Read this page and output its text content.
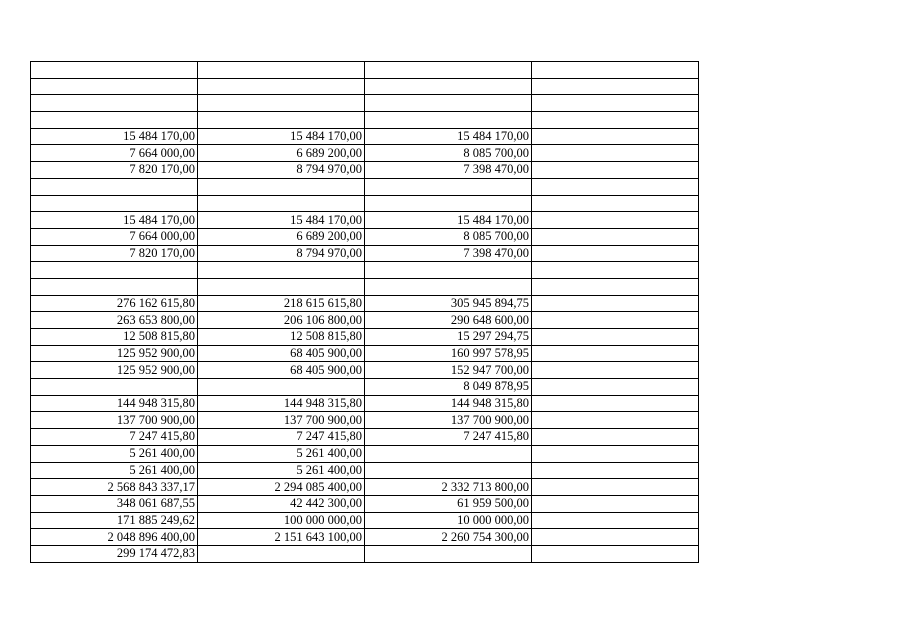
15 484 170,00	15 484 170,00	15 484 170,00	
7 664 000,00	6 689 200,00	8 085 700,00	
7 820 170,00	8 794 970,00	7 398 470,00	

15 484 170,00	15 484 170,00	15 484 170,00	
7 664 000,00	6 689 200,00	8 085 700,00	
7 820 170,00	8 794 970,00	7 398 470,00	

276 162 615,80	218 615 615,80	305 945 894,75	
263 653 800,00	206 106 800,00	290 648 600,00	
12 508 815,80	12 508 815,80	15 297 294,75	
125 952 900,00	68 405 900,00	160 997 578,95	
125 952 900,00	68 405 900,00	152 947 700,00	
		8 049 878,95	
144 948 315,80	144 948 315,80	144 948 315,80	
137 700 900,00	137 700 900,00	137 700 900,00	
7 247 415,80	7 247 415,80	7 247 415,80	
5 261 400,00	5 261 400,00		
5 261 400,00	5 261 400,00		
2 568 843 337,17	2 294 085 400,00	2 332 713 800,00	
348 061 687,55	42 442 300,00	61 959 500,00	
171 885 249,62	100 000 000,00	10 000 000,00	
2 048 896 400,00	2 151 643 100,00	2 260 754 300,00	
299 174 472,83			
